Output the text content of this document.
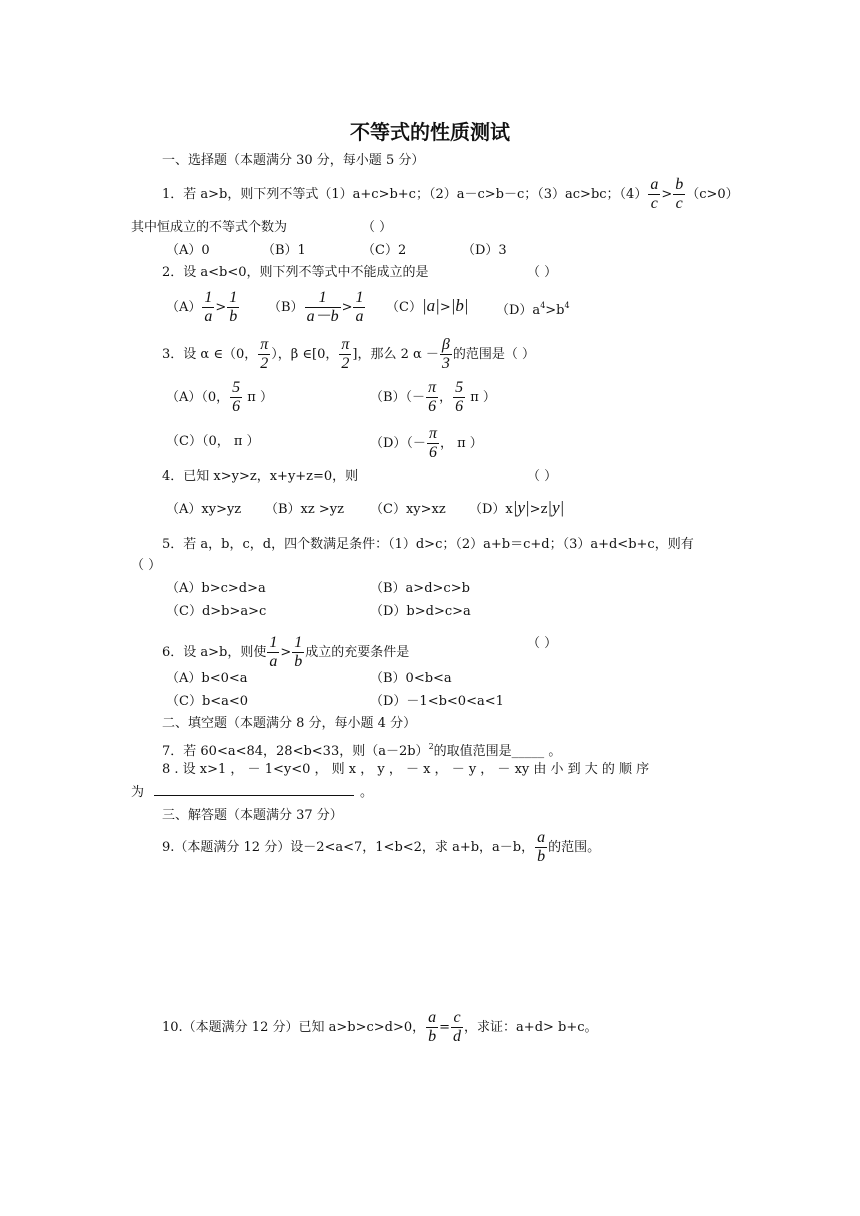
不等式的性质测试
一、选择题（本题满分 30 分，每小题 5 分）
1．若 a>b，则下列不等式（1）a+c>b+c；（2）a－c>b－c；（3）ac>bc；$(4) \frac{a}{c} > \frac{b}{c} (c>0)$
其中恒成立的不等式个数为	（ ）
（A）0	（B）1	（C）2	（D）3
2．设 a<b<0，则下列不等式中不能成立的是	（ ）
$(A) \frac{1}{a} > \frac{1}{b} (B) \frac{1}{a-b} > \frac{1}{a} (C)|a|>|b|$ $(D)a^4>b^4$
3．设 α ∈（0， $\frac{\pi}{2}$ ），β ∈[0， $\frac{\pi}{2}$ ]，那么 2 $\alpha - \frac{\beta}{3}$ 的范围是（ ）
（A）（0， $\frac{5}{6}$ π ）	$(B)(- \frac{\pi}{6}$ ， $\frac{5}{6}$ π ）
（C）（0， π ）	$(D)(- \frac{\pi}{6}$ ， π ）
4．已知 x>y>z，x+y+z=0，则	（ ）
（A）xy>yz （B）xz >yz （C）xy>xz （D）x|y|>z|y|
5．若 a，b，c，d，四个数满足条件：（1）d>c；（2）a+b＝c+d；（3）a+d<b+c，则有
（ ）
（A）b>c>d>a	（B）a>d>c>b
（C）d>b>a>c	（D）b>d>c>a
6．设 a>b，则使 $\frac{1}{a} > \frac{1}{b}$ 成立的充要条件是
（ ）
（A）b<0<a	（B）0<b<a
（C）b<a<0	（D）－1<b<0<a<1
二、填空题（本题满分 8 分，每小题 4 分）
7．若 60<a<84，28<b<33，则$(a-2b)^2$的取值范围是_____ 。
8 . 设 x>1 ， － 1<y<0 ， 则 x ， y ， － x ， － y ， － xy 由 小 到 大 的 顺 序
为	。
三、解答题（本题满分 37 分）
9.（本题满分 12 分）设－2<a<7，1<b<2，求 a+b，a－b， $\frac{a}{b}$ 的范围。
10.（本题满分 12 分）已知 a>b>c>d>0， $\frac{a}{b} = \frac{c}{d}$ ，求证：a+d> b+c。
